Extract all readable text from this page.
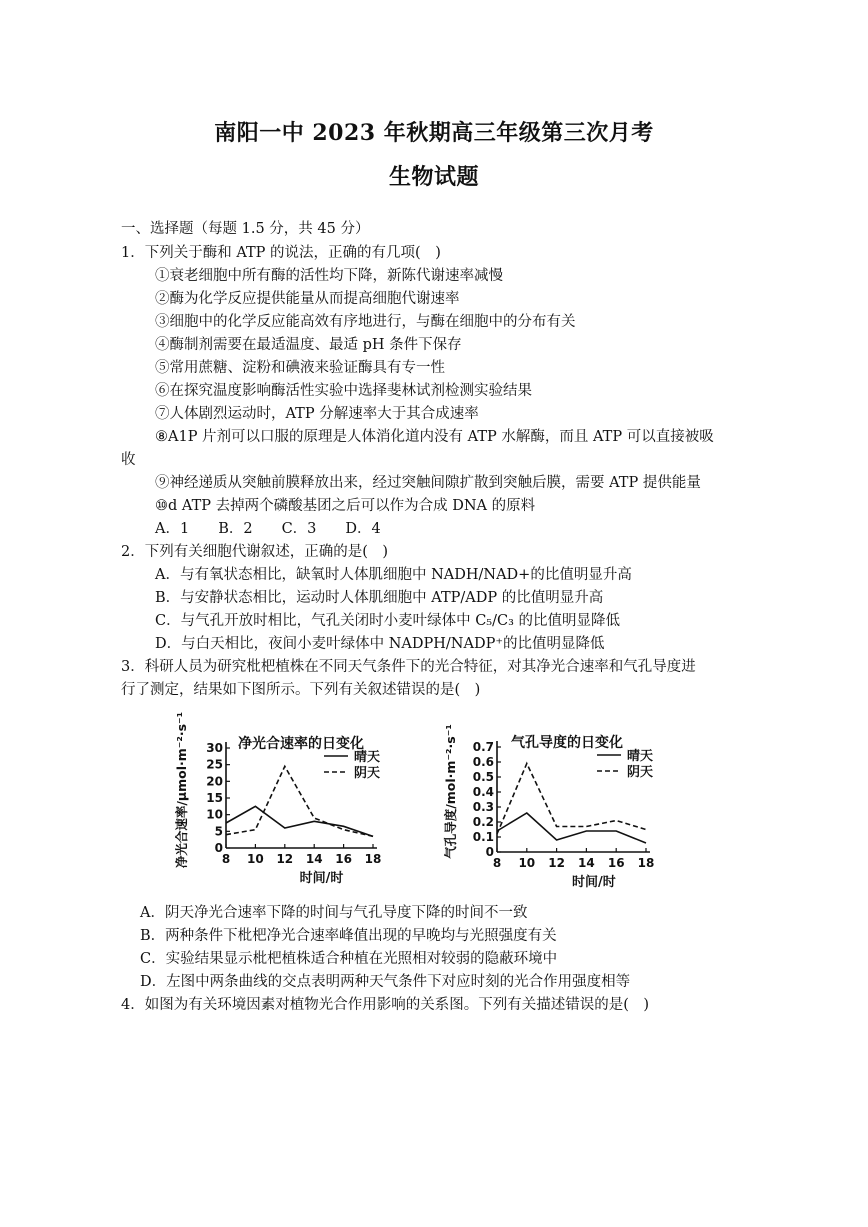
南阳一中 2023 年秋期高三年级第三次月考
生物试题
一、选择题（每题 1.5 分，共 45 分）
1．下列关于酶和 ATP 的说法，正确的有几项(　)
①衰老细胞中所有酶的活性均下降，新陈代谢速率减慢
②酶为化学反应提供能量从而提高细胞代谢速率
③细胞中的化学反应能高效有序地进行，与酶在细胞中的分布有关
④酶制剂需要在最适温度、最适 pH 条件下保存
⑤常用蔗糖、淀粉和碘液来验证酶具有专一性
⑥在探究温度影响酶活性实验中选择斐林试剂检测实验结果
⑦人体剧烈运动时，ATP 分解速率大于其合成速率
⑧A1P 片剂可以口服的原理是人体消化道内没有 ATP 水解酶，而且 ATP 可以直接被吸
收
⑨神经递质从突触前膜释放出来，经过突触间隙扩散到突触后膜，需要 ATP 提供能量
⑩d ATP 去掉两个磷酸基团之后可以作为合成 DNA 的原料
A．1　　B．2　　C．3　　D．4
2．下列有关细胞代谢叙述，正确的是(　)
A．与有氧状态相比，缺氧时人体肌细胞中 NADH/NAD+的比值明显升高
B．与安静状态相比，运动时人体肌细胞中 ATP/ADP 的比值明显升高
C．与气孔开放时相比，气孔关闭时小麦叶绿体中 C₅/C₃ 的比值明显降低
D．与白天相比，夜间小麦叶绿体中 NADPH/NADP⁺的比值明显降低
3．科研人员为研究枇杷植株在不同天气条件下的光合特征，对其净光合速率和气孔导度进
行了测定，结果如下图所示。下列有关叙述错误的是(　)
0
5
10
15
20
25
30
8 10 12 14 16 18
时间/时
净光合速率/μmol·m⁻²·s⁻¹	净光合速率的日变化
晴天
阴天
0
0.1
0.2
0.3
0.4
0.5
0.6
0.7
8 10 12 14 16 18
时间/时
气孔导度/mol·m⁻²·s⁻¹	气孔导度的日变化
晴天
阴天
A．阴天净光合速率下降的时间与气孔导度下降的时间不一致
B．两种条件下枇杷净光合速率峰值出现的早晚均与光照强度有关
C．实验结果显示枇杷植株适合种植在光照相对较弱的隐蔽环境中
D．左图中两条曲线的交点表明两种天气条件下对应时刻的光合作用强度相等
4．如图为有关环境因素对植物光合作用影响的关系图。下列有关描述错误的是(　)
